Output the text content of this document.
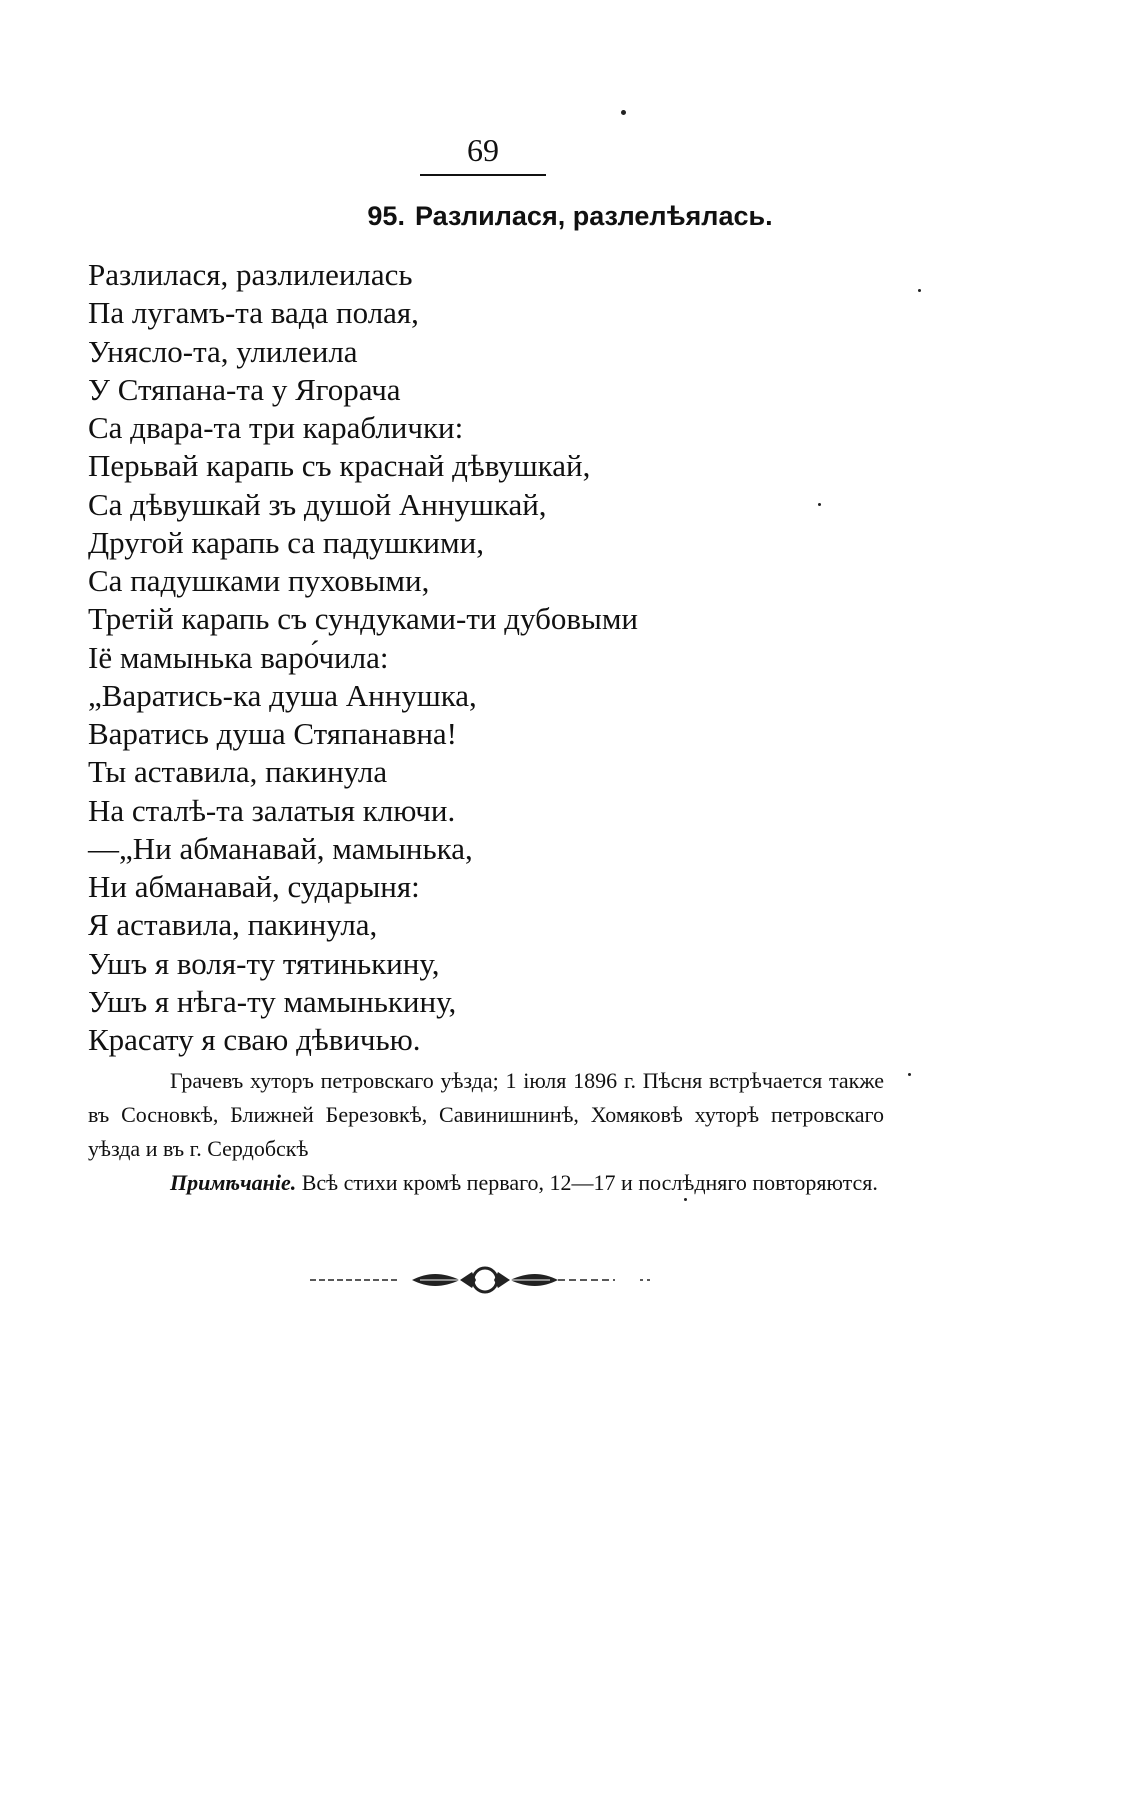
69
95. Разлилася, разлелѣялась.
Разлилася, разлилеилась
Па лугамъ-та вада полая,
Унясло-та, улилеила
У Стяпана-та у Ягорача
Са двара-та три караблички:
Перьвай карапь съ краснай дѣвушкай,
Са дѣвушкай зъ душой Аннушкай,
Другой карапь са падушкими,
Са падушками пуховыми,
Третій карапь съ сундуками-ти дубовыми
Іё мамынька варо́чила:
„Варатись-ка душа Аннушка,
Варатись душа Стяпанавна!
Ты аставила, пакинула
На сталѣ-та залатыя ключи.
—„Ни абманавай, мамынька,
Ни абманавай, сударыня:
Я аставила, пакинула,
Ушъ я воля-ту тятинькину,
Ушъ я нѣга-ту мамынькину,
Красату я сваю дѣвичью.

Грачевъ хуторъ петровскаго уѣзда; 1 іюля 1896 г. Пѣсня встрѣчается также въ Сосновкѣ, Ближней Березовкѣ, Савинишнинѣ, Хомяковѣ хуторѣ петровскаго уѣзда и въ г. Сердобскѣ

Примѣчаніе. Всѣ стихи кромѣ перваго, 12—17 и послѣдняго повторяются.
